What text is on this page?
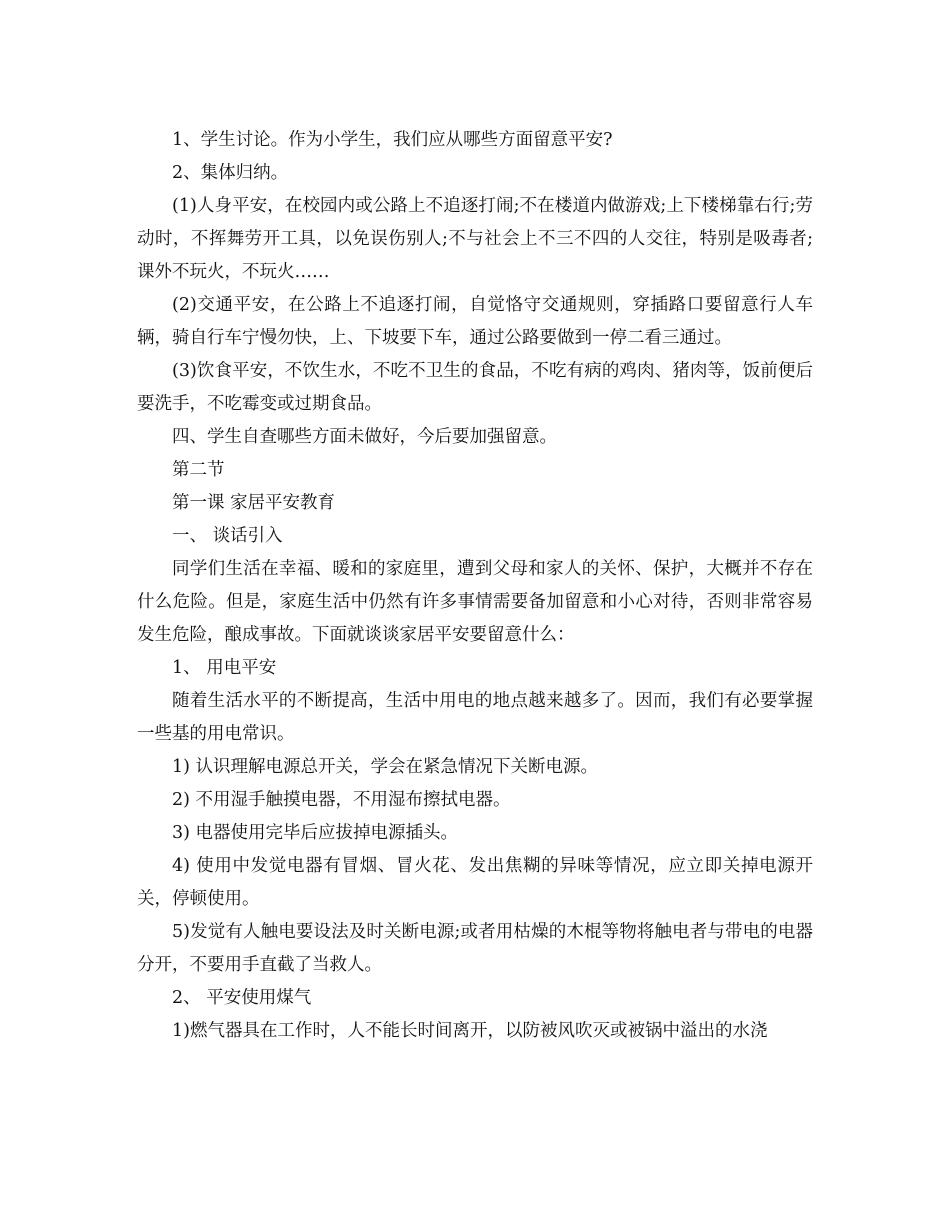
1、学生讨论。作为小学生，我们应从哪些方面留意平安?

2、集体归纳。

(1)人身平安，在校园内或公路上不追逐打闹;不在楼道内做游戏;上下楼梯靠右行;劳动时，不挥舞劳开工具，以免误伤别人;不与社会上不三不四的人交往，特别是吸毒者;课外不玩火，不玩火……

(2)交通平安，在公路上不追逐打闹，自觉恪守交通规则，穿插路口要留意行人车辆，骑自行车宁慢勿快，上、下坡要下车，通过公路要做到一停二看三通过。

(3)饮食平安，不饮生水，不吃不卫生的食品，不吃有病的鸡肉、猪肉等，饭前便后要洗手，不吃霉变或过期食品。

四、学生自查哪些方面未做好，今后要加强留意。

第二节

第一课 家居平安教育

一、 谈话引入

同学们生活在幸福、暖和的家庭里，遭到父母和家人的关怀、保护，大概并不存在什么危险。但是，家庭生活中仍然有许多事情需要备加留意和小心对待，否则非常容易发生危险，酿成事故。下面就谈谈家居平安要留意什么：

1、 用电平安

随着生活水平的不断提高，生活中用电的地点越来越多了。因而，我们有必要掌握一些基的用电常识。

1) 认识理解电源总开关，学会在紧急情况下关断电源。

2) 不用湿手触摸电器，不用湿布擦拭电器。

3) 电器使用完毕后应拔掉电源插头。

4) 使用中发觉电器有冒烟、冒火花、发出焦糊的异味等情况，应立即关掉电源开关，停顿使用。

5)发觉有人触电要设法及时关断电源;或者用枯燥的木棍等物将触电者与带电的电器分开，不要用手直截了当救人。

2、 平安使用煤气

1)燃气器具在工作时，人不能长时间离开，以防被风吹灭或被锅中溢出的水浇
